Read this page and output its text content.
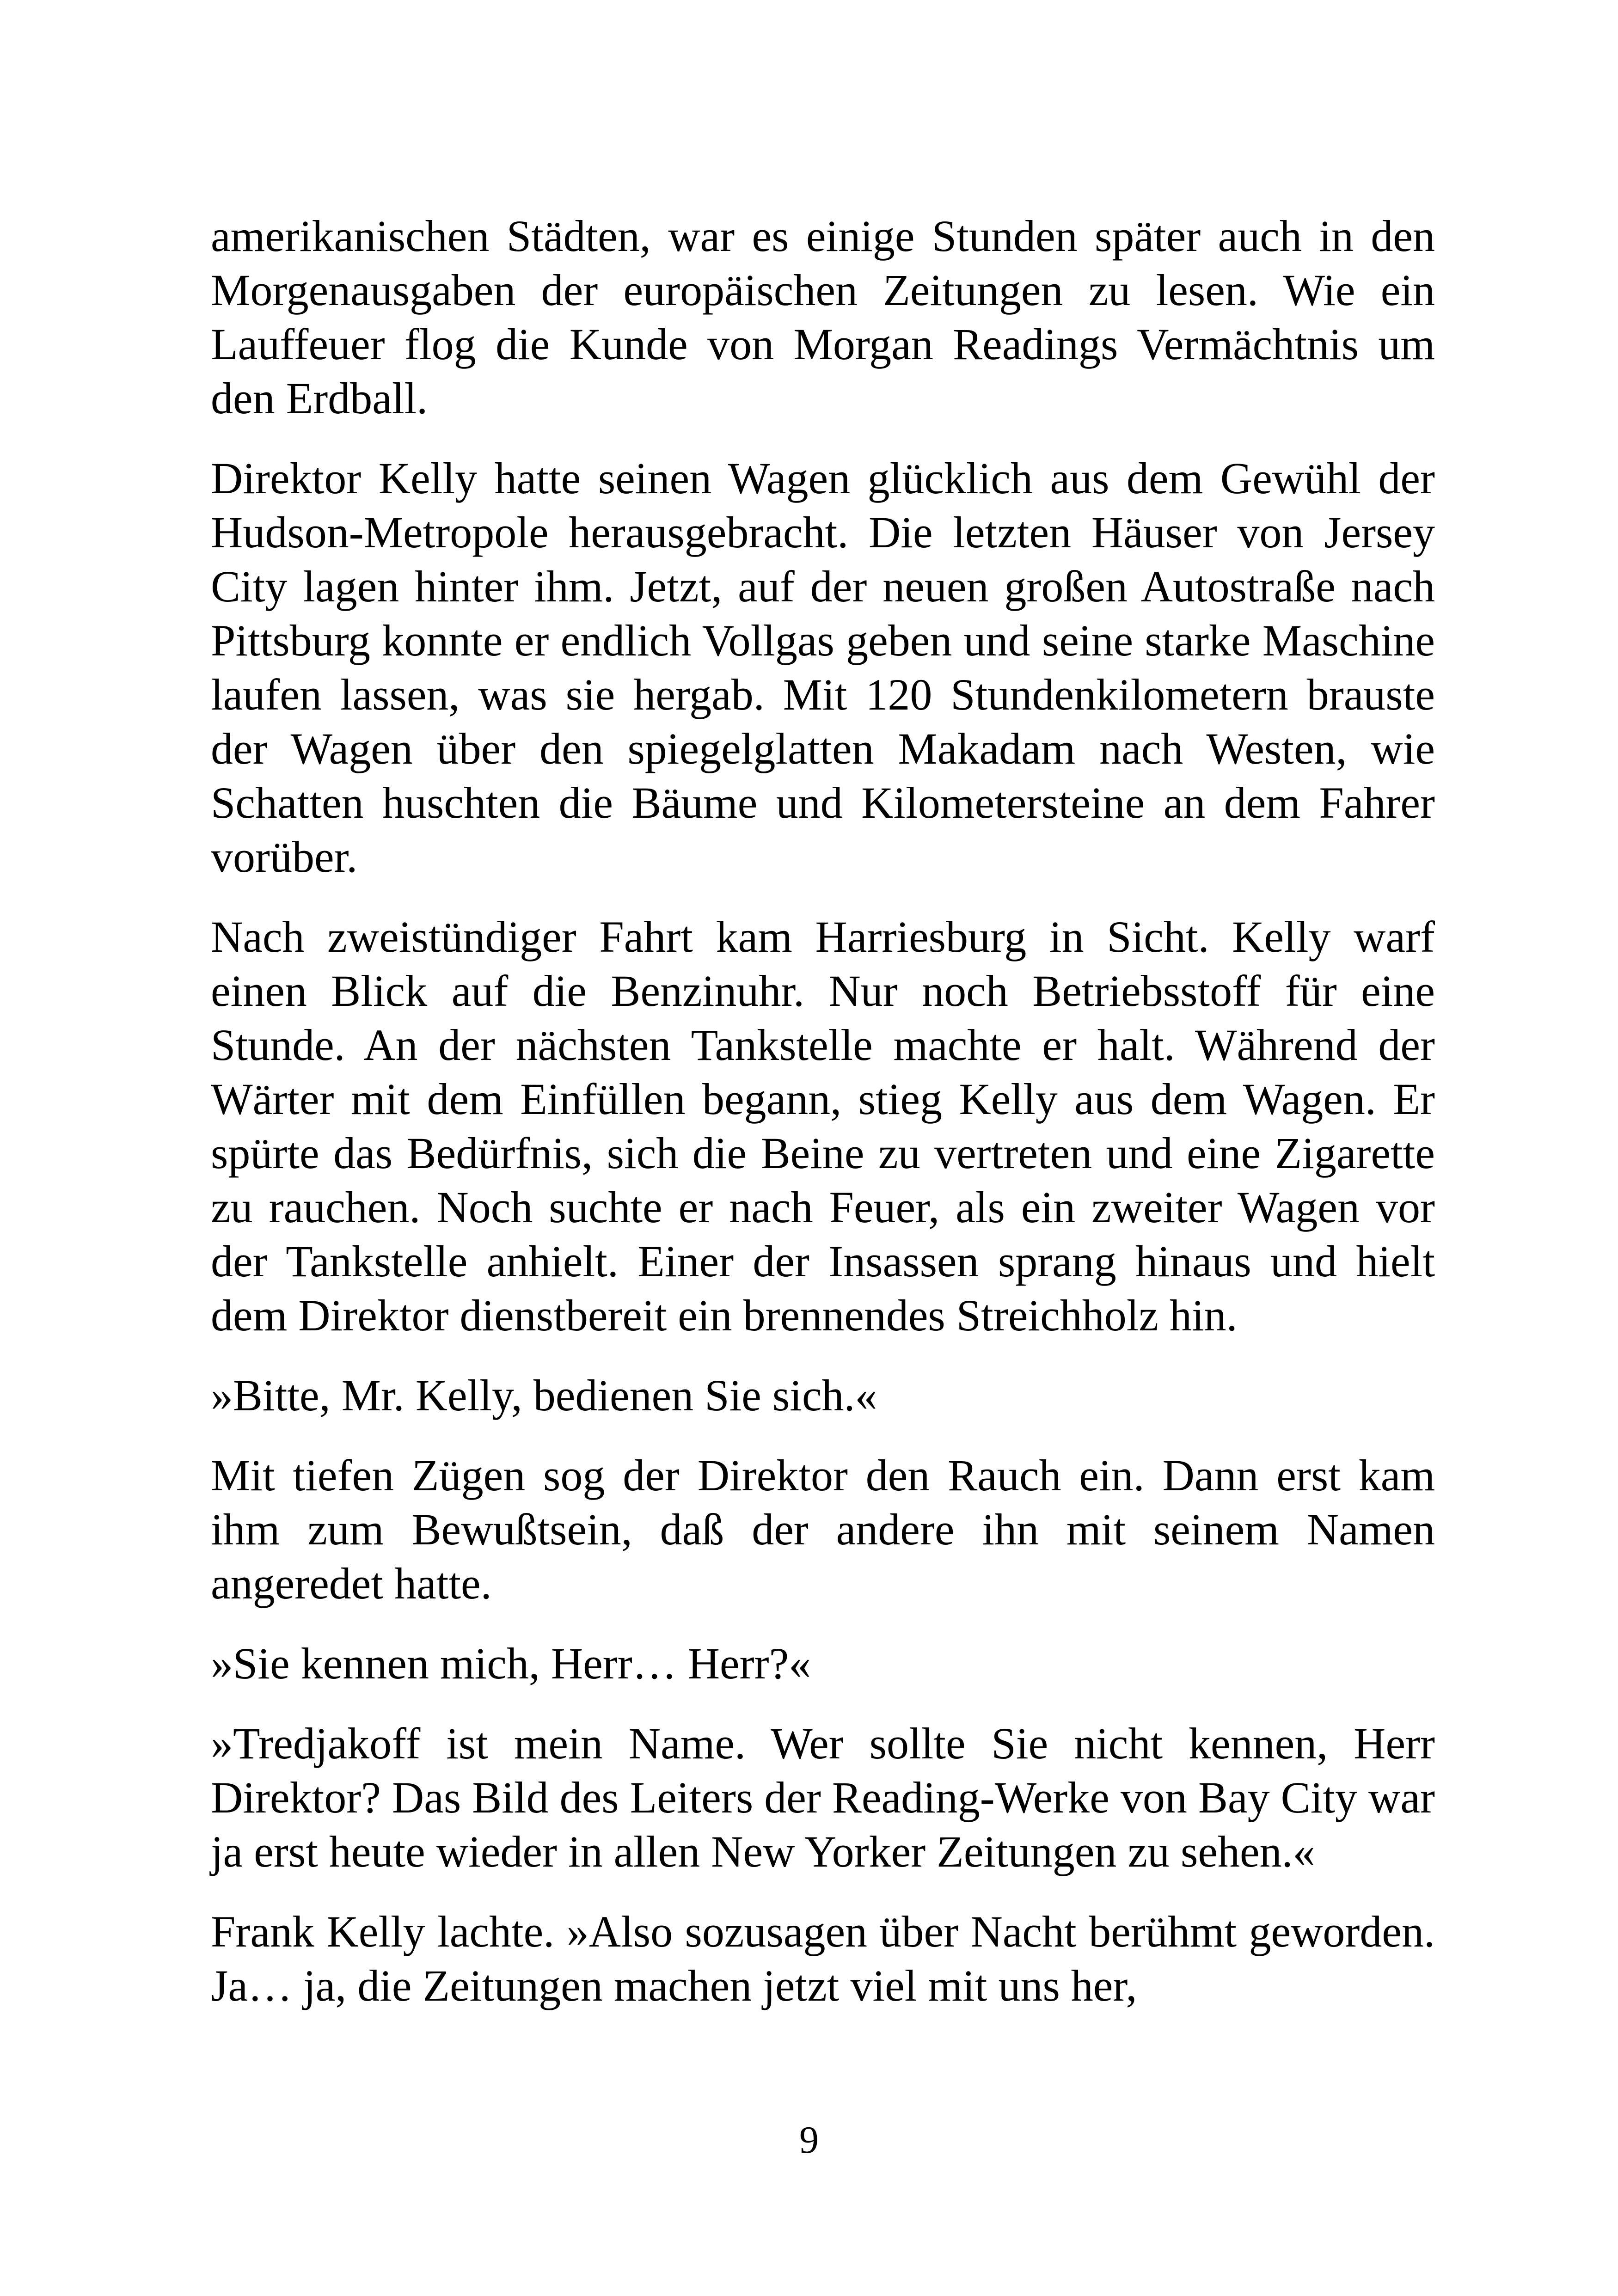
amerikanischen Städten, war es einige Stunden später auch in den Morgenausgaben der europäischen Zeitungen zu lesen. Wie ein Lauffeuer flog die Kunde von Morgan Readings Vermächtnis um den Erdball.

Direktor Kelly hatte seinen Wagen glücklich aus dem Gewühl der Hudson-Metropole herausgebracht. Die letzten Häuser von Jersey City lagen hinter ihm. Jetzt, auf der neuen großen Autostraße nach Pittsburg konnte er endlich Vollgas geben und seine starke Maschine laufen lassen, was sie hergab. Mit 120 Stundenkilometern brauste der Wagen über den spiegelglatten Makadam nach Westen, wie Schatten huschten die Bäume und Kilometersteine an dem Fahrer vorüber.

Nach zweistündiger Fahrt kam Harriesburg in Sicht. Kelly warf einen Blick auf die Benzinuhr. Nur noch Betriebsstoff für eine Stunde. An der nächsten Tankstelle machte er halt. Während der Wärter mit dem Einfüllen begann, stieg Kelly aus dem Wagen. Er spürte das Bedürfnis, sich die Beine zu vertreten und eine Zigarette zu rauchen. Noch suchte er nach Feuer, als ein zweiter Wagen vor der Tankstelle anhielt. Einer der Insassen sprang hinaus und hielt dem Direktor dienstbereit ein brennendes Streichholz hin.

»Bitte, Mr. Kelly, bedienen Sie sich.«

Mit tiefen Zügen sog der Direktor den Rauch ein. Dann erst kam ihm zum Bewußtsein, daß der andere ihn mit seinem Namen angeredet hatte.

»Sie kennen mich, Herr… Herr?«

»Tredjakoff ist mein Name. Wer sollte Sie nicht kennen, Herr Direktor? Das Bild des Leiters der Reading-Werke von Bay City war ja erst heute wieder in allen New Yorker Zeitungen zu sehen.«

Frank Kelly lachte. »Also sozusagen über Nacht berühmt geworden. Ja… ja, die Zeitungen machen jetzt viel mit uns her,

9
